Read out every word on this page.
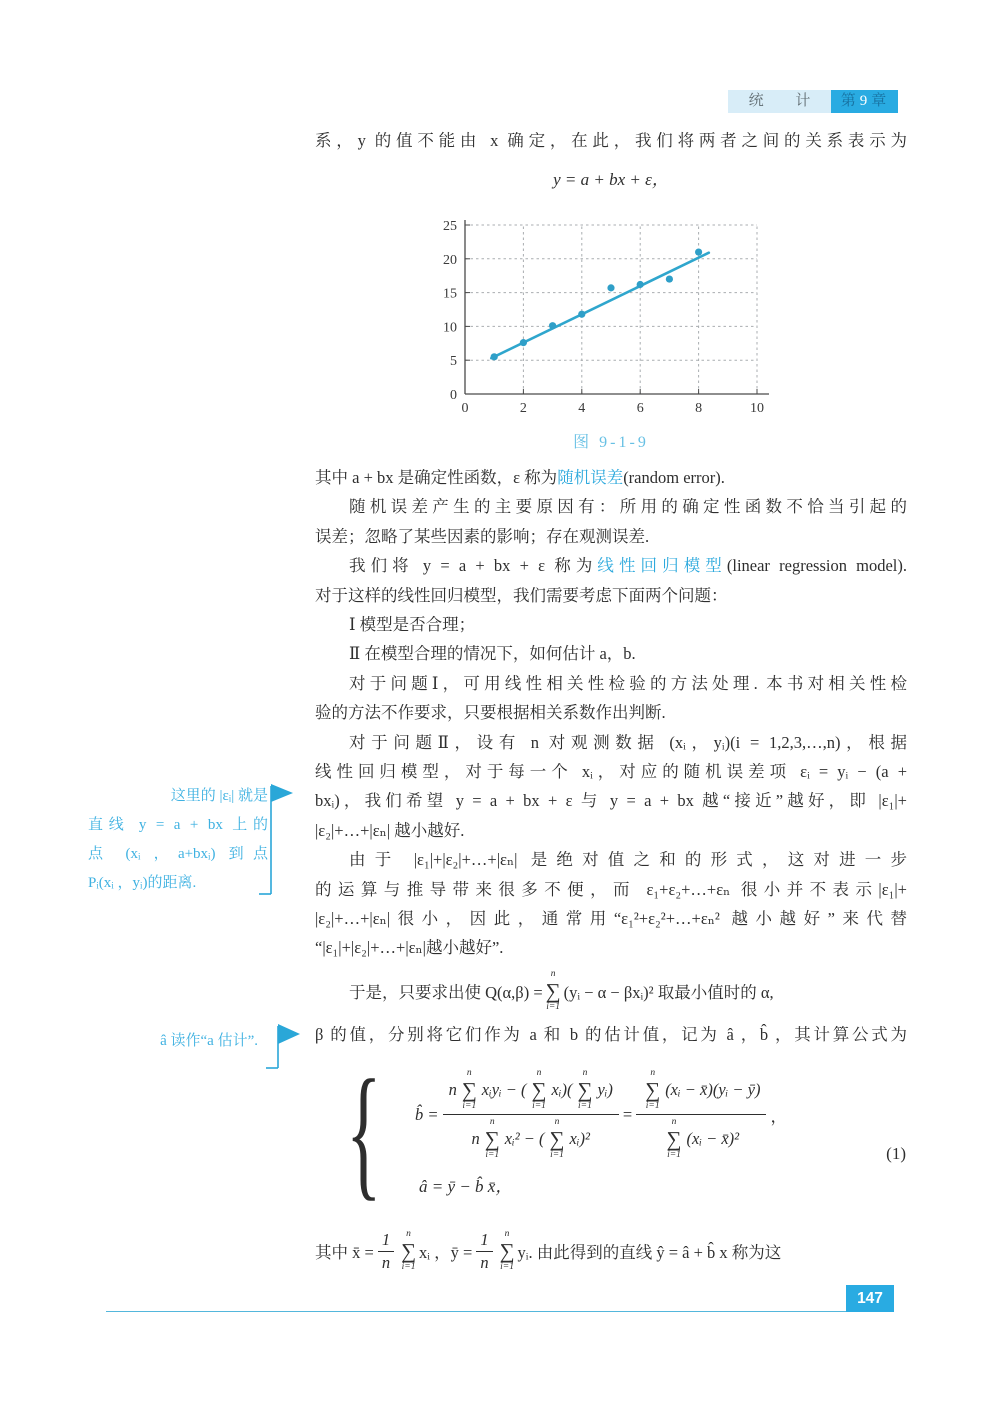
统 计	第 9 章
系，y 的值不能由 x 确定，在此，我们将两者之间的关系表示为
y = a + bx + ε，
0
5
10
15
20
25
0	2	4	6	8	10
图 9-1-9
其中 a + bx 是确定性函数，ε 称为随机误差(random error).
随机误差产生的主要原因有：所用的确定性函数不恰当引起的
误差；忽略了某些因素的影响；存在观测误差.
我们将 y = a + bx + ε 称为线性回归模型(linear regression model).
对于这样的线性回归模型，我们需要考虑下面两个问题：
Ⅰ 模型是否合理；
Ⅱ 在模型合理的情况下，如何估计 a，b.
对于问题Ⅰ，可用线性相关性检验的方法处理. 本书对相关性检
验的方法不作要求，只要根据相关系数作出判断.
对于问题Ⅱ，设有 n 对观测数据 (xᵢ，yᵢ)(i = 1,2,3,…,n)，根据
线性回归模型，对于每一个 xᵢ，对应的随机误差项 εᵢ = yᵢ − (a +
bxᵢ)，我们希望 y = a + bx + ε 与 y = a + bx 越“接近”越好，即 |ε₁|+
|ε₂|+…+|εₙ| 越小越好.
由于 |ε₁|+|ε₂|+…+|εₙ| 是绝对值之和的形式，这对进一步
的运算与推导带来很多不便，而 ε₁+ε₂+…+εₙ 很小并不表示|ε₁|+
|ε₂|+…+|εₙ|很小，因此，通常用“ε₁²+ε₂²+…+εₙ² 越小越好”来代替
“|ε₁|+|ε₂|+…+|εₙ|越小越好”.
这里的 |εᵢ| 就是
直线 y = a + bx 上的
点 (xᵢ ，a+bxᵢ) 到点
Pᵢ(xᵢ ，yᵢ)的距离.
â 读作“a 估计”.
于是，只要求出使 Q(α,β) =
n
∑
i=1
(yᵢ − α − βxᵢ)² 取最小值时的 α,
β 的值，分别将它们作为 a 和 b 的估计值，记为 â ，b̂ ，其计算公式为
{ b̂ =
n
n
∑
i=1
xᵢyᵢ − (
n
∑
i=1
xᵢ)(
n
∑
i=1
yᵢ)
n
n
∑
i=1
xᵢ² − (
n
∑
i=1
xᵢ)²
= n
∑
i=1
(xᵢ − x̄)(yᵢ − ȳ)
n
∑
i=1
(xᵢ − x̄)² ，
â = ȳ − b̂ x̄，
(1)
其中 x̄ = $\frac{1}{n}$ n
∑
i=1
xᵢ ，ȳ = $\frac{1}{n}$ n
∑
i=1
yᵢ. 由此得到的直线 ŷ = â + b̂ x 称为这
147
